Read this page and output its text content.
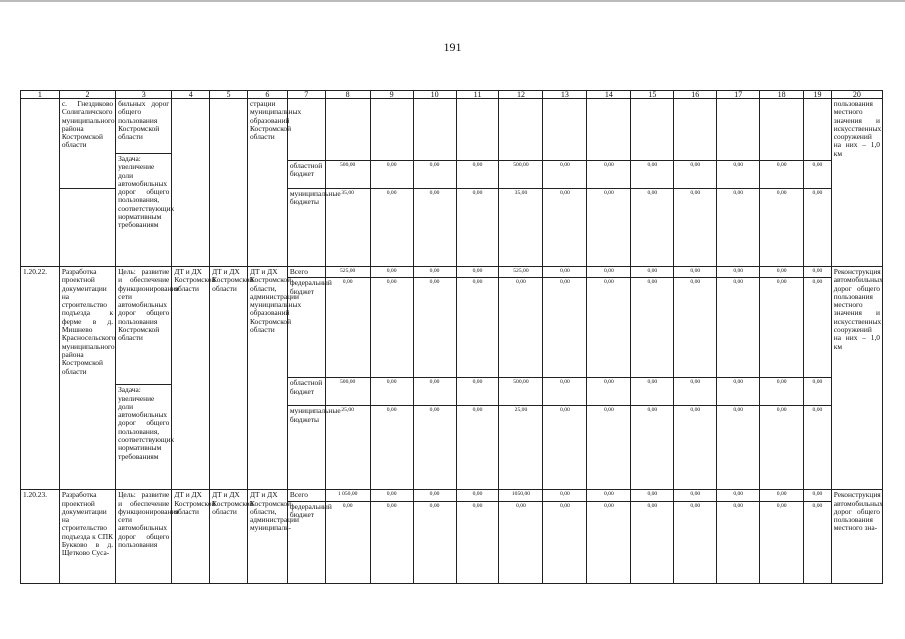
191
1	2	3	4	5	6	7	8	9	10	11	12	13	14	15	16	17	18	19	20
	с. Гнездиково Солигаличского муниципального района Костромской области	бильных дорог общего пользования Костромской области			страции муниципальных образований Костромской области														пользования местного значения и искусственных сооружений на них – 1,0 км
		Задача: увеличение доли автомобильных дорог общего пользования, соответствующих нормативным требованиям																	
						областной бюджет	500,00	0,00	0,00	0,00	500,00	0,00	0,00	0,00	0,00	0,00	0,00	0,00	
						муниципальные бюджеты	35,00	0,00	0,00	0,00	35,00	0,00	0,00	0,00	0,00	0,00	0,00	0,00	
1.20.22.	Разработка проектной документации на строительство подъезда к ферме в д. Мишнево Красносельского муниципального района Костромской области	Цель: развитие и обеспечение функционирования сети автомобильных дорог общего пользования Костромской области	ДТ и ДХ Костромской области	ДТ и ДХ Костромской области	ДТ и ДХ Костромской области, администрации муниципальных образований Костромской области	Всего	525,00	0,00	0,00	0,00	525,00	0,00	0,00	0,00	0,00	0,00	0,00	0,00	Реконструкция автомобильных дорог общего пользования местного значения и искусственных сооружений на них – 1,0 км
						федеральный бюджет	0,00	0,00	0,00	0,00	0,00	0,00	0,00	0,00	0,00	0,00	0,00	0,00	
						областной бюджет	500,00	0,00	0,00	0,00	500,00	0,00	0,00	0,00	0,00	0,00	0,00	0,00	
		Задача: увеличение доли автомобильных дорог общего пользования, соответствующих нормативным требованиям																	
						муниципальные бюджеты	25,00	0,00	0,00	0,00	25,00	0,00	0,00	0,00	0,00	0,00	0,00	0,00	
1.20.23.	Разработка проектной документации на строительство подъезда к СПК Букково в д. Щетково Суса-	Цель: развитие и обеспечение функционирования сети автомобильных дорог общего пользования	ДТ и ДХ Костромской области	ДТ и ДХ Костромской области	ДТ и ДХ Костромской области, администрации муниципаль-	Всего	1 050,00	0,00	0,00	0,00	1050,00	0,00	0,00	0,00	0,00	0,00	0,00	0,00	Реконструкция автомобильных дорог общего пользования местного зна-
						федеральный бюджет	0,00	0,00	0,00	0,00	0,00	0,00	0,00	0,00	0,00	0,00	0,00	0,00	
